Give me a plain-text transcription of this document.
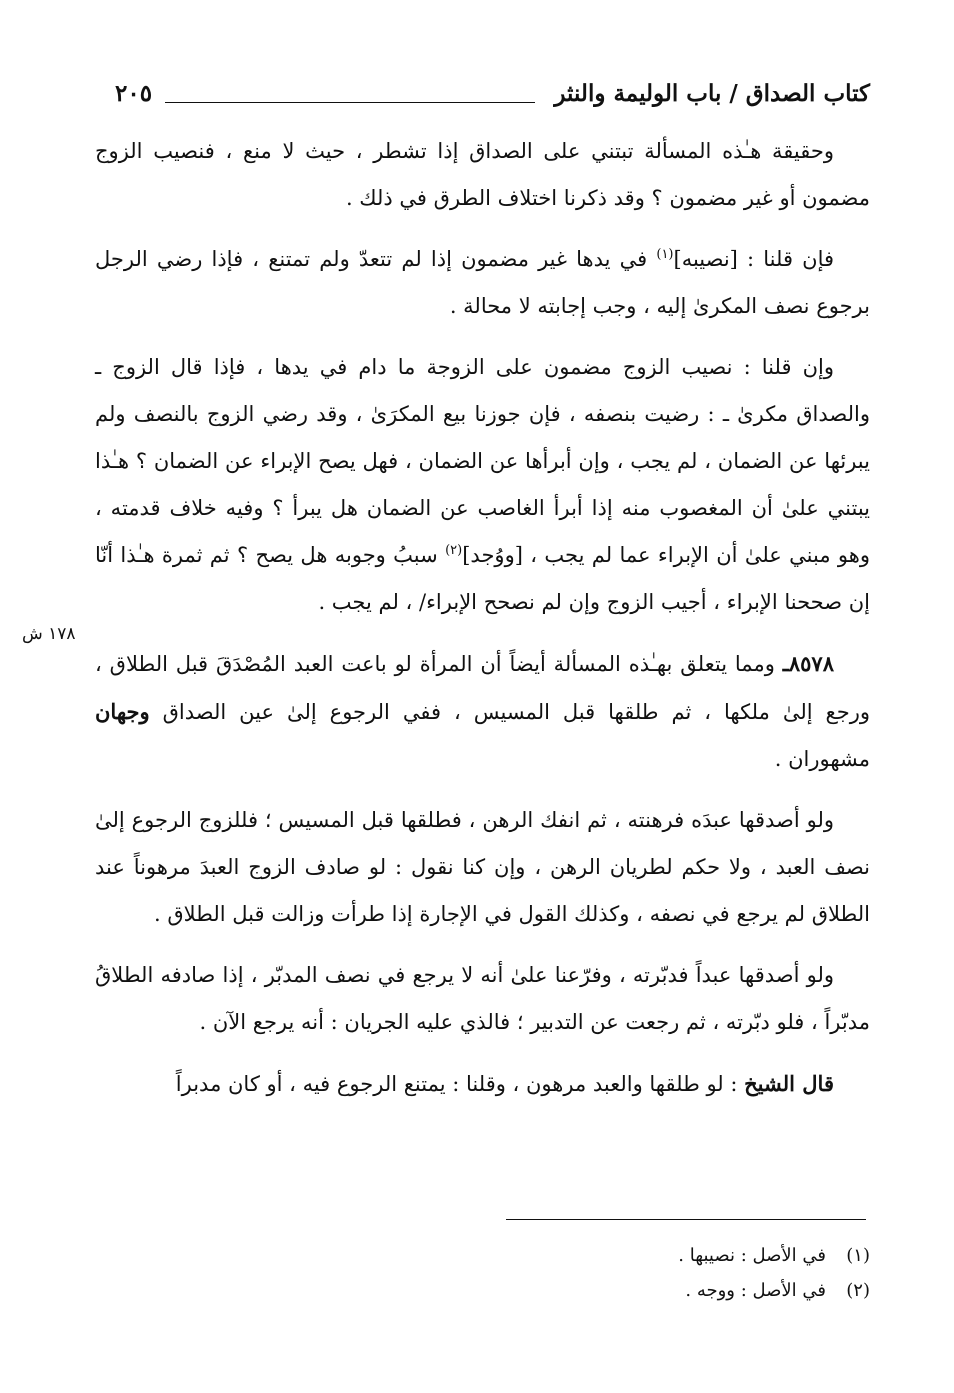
كتاب الصداق / باب الوليمة والنثر
٢٠٥
١٧٨ ش

وحقيقة هـٰذه المسألة تبتني على الصداق إذا تشطر ، حيث لا منع ، فنصيب الزوج مضمون أو غير مضمون ؟ وقد ذكرنا اختلاف الطرق في ذلك .

فإن قلنا : [نصيبه]$^{(١)}$ في يدها غير مضمون إذا لم تتعدّ ولم تمتنع ، فإذا رضي الرجل برجوع نصف المكرىٰ إليه ، وجب إجابته لا محالة .

وإن قلنا : نصيب الزوج مضمون على الزوجة ما دام في يدها ، فإذا قال الزوج ـ والصداق مكرىٰ ـ : رضيت بنصفه ، فإن جوزنا بيع المكرَىٰ ، وقد رضي الزوج بالنصف ولم يبرئها عن الضمان ، لم يجب ، وإن أبرأها عن الضمان ، فهل يصح الإبراء عن الضمان ؟ هـٰذا يبتني علىٰ أن المغصوب منه إذا أبرأ الغاصب عن الضمان هل يبرأ ؟ وفيه خلاف قدمته ، وهو مبني علىٰ أن الإبراء عما لم يجب ، [ووُجد]$^{(٢)}$ سببُ وجوبه هل يصح ؟ ثم ثمرة هـٰذا أنّا إن صححنا الإبراء ، أجيب الزوج وإن لم نصحح الإبراء/ ، لم يجب .

٨٥٧٨ـ ومما يتعلق بهـٰذه المسألة أيضاً أن المرأة لو باعت العبد المُصْدَقَ قبل الطلاق ، ورجع إلىٰ ملكها ، ثم طلقها قبل المسيس ، ففي الرجوع إلىٰ عين الصداق وجهان مشهوران .

ولو أصدقها عبدَه فرهنته ، ثم انفك الرهن ، فطلقها قبل المسيس ؛ فللزوج الرجوع إلىٰ نصف العبد ، ولا حكم لطريان الرهن ، وإن كنا نقول : لو صادف الزوج العبدَ مرهوناً عند الطلاق لم يرجع في نصفه ، وكذلك القول في الإجارة إذا طرأت وزالت قبل الطلاق .

ولو أصدقها عبداً فدبّرته ، وفرّعنا علىٰ أنه لا يرجع في نصف المدبّر ، إذا صادفه الطلاقُ مدبّراً ، فلو دبّرته ، ثم رجعت عن التدبير ؛ فالذي عليه الجريان : أنه يرجع الآن .

قال الشيخ : لو طلقها والعبد مرهون ، وقلنا : يمتنع الرجوع فيه ، أو كان مدبراً

(١)في الأصل : نصيبها .
(٢)في الأصل : ووجه .
